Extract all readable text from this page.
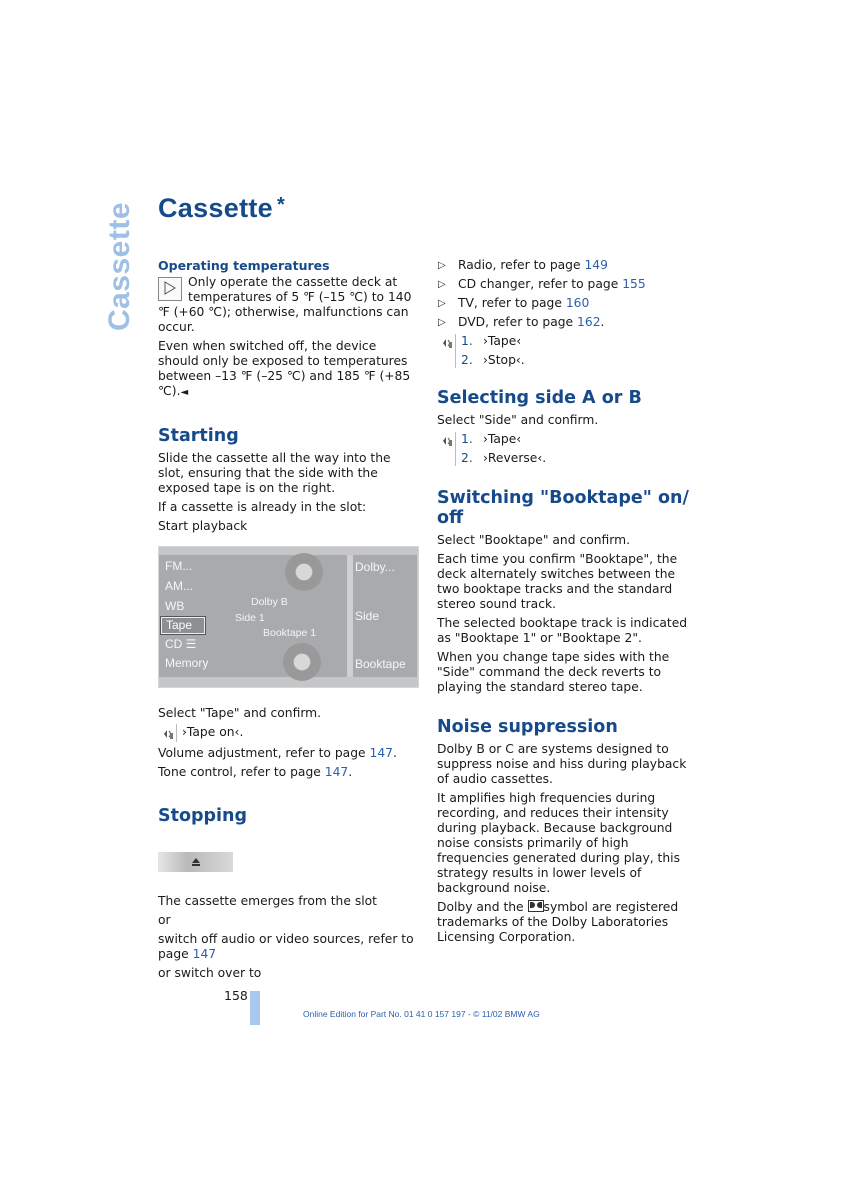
Cassette Cassette *
Operating temperatures

Only operate the cassette deck at temperatures of 5 ℉ (–15 ℃) to 140 ℉ (+60 ℃); otherwise, malfunctions can occur.

Even when switched off, the device should only be exposed to temperatures between –13 ℉ (–25 ℃) and 185 ℉ (+85 ℃).◄

Starting

Slide the cassette all the way into the slot, ensuring that the side with the exposed tape is on the right.

If a cassette is already in the slot:

Start playback

FM...
AM...
WB
Tape
CD ☰
Memory
Dolby B
Side 1
Booktape 1
Dolby...
Side
Booktape

Select "Tape" and confirm.

›Tape on‹.

Volume adjustment, refer to page 147.

Tone control, refer to page 147.

Stopping

The cassette emerges from the slot

or

switch off audio or video sources, refer to page 147

or switch over to

▷ Radio, refer to page 149
▷ CD changer, refer to page 155
▷ TV, refer to page 160
▷ DVD, refer to page 162.
1. ›Tape‹
2. ›Stop‹.
Selecting side A or B

Select "Side" and confirm.

1. ›Tape‹
2. ›Reverse‹.
Switching "Booktape" on/ off

Select "Booktape" and confirm.

Each time you confirm "Booktape", the deck alternately switches between the two booktape tracks and the standard stereo sound track.

The selected booktape track is indicated as "Booktape 1" or "Booktape 2".

When you change tape sides with the "Side" command the deck reverts to playing the standard stereo tape.

Noise suppression

Dolby B or C are systems designed to suppress noise and hiss during playback of audio cassettes.

It amplifies high frequencies during recording, and reduces their intensity during playback. Because background noise consists primarily of high frequencies generated during play, this strategy results in lower levels of background noise.

Dolby and the symbol are registered trademarks of the Dolby Laboratories Licensing Corporation.

158
Online Edition for Part No. 01 41 0 157 197 - © 11/02 BMW AG
